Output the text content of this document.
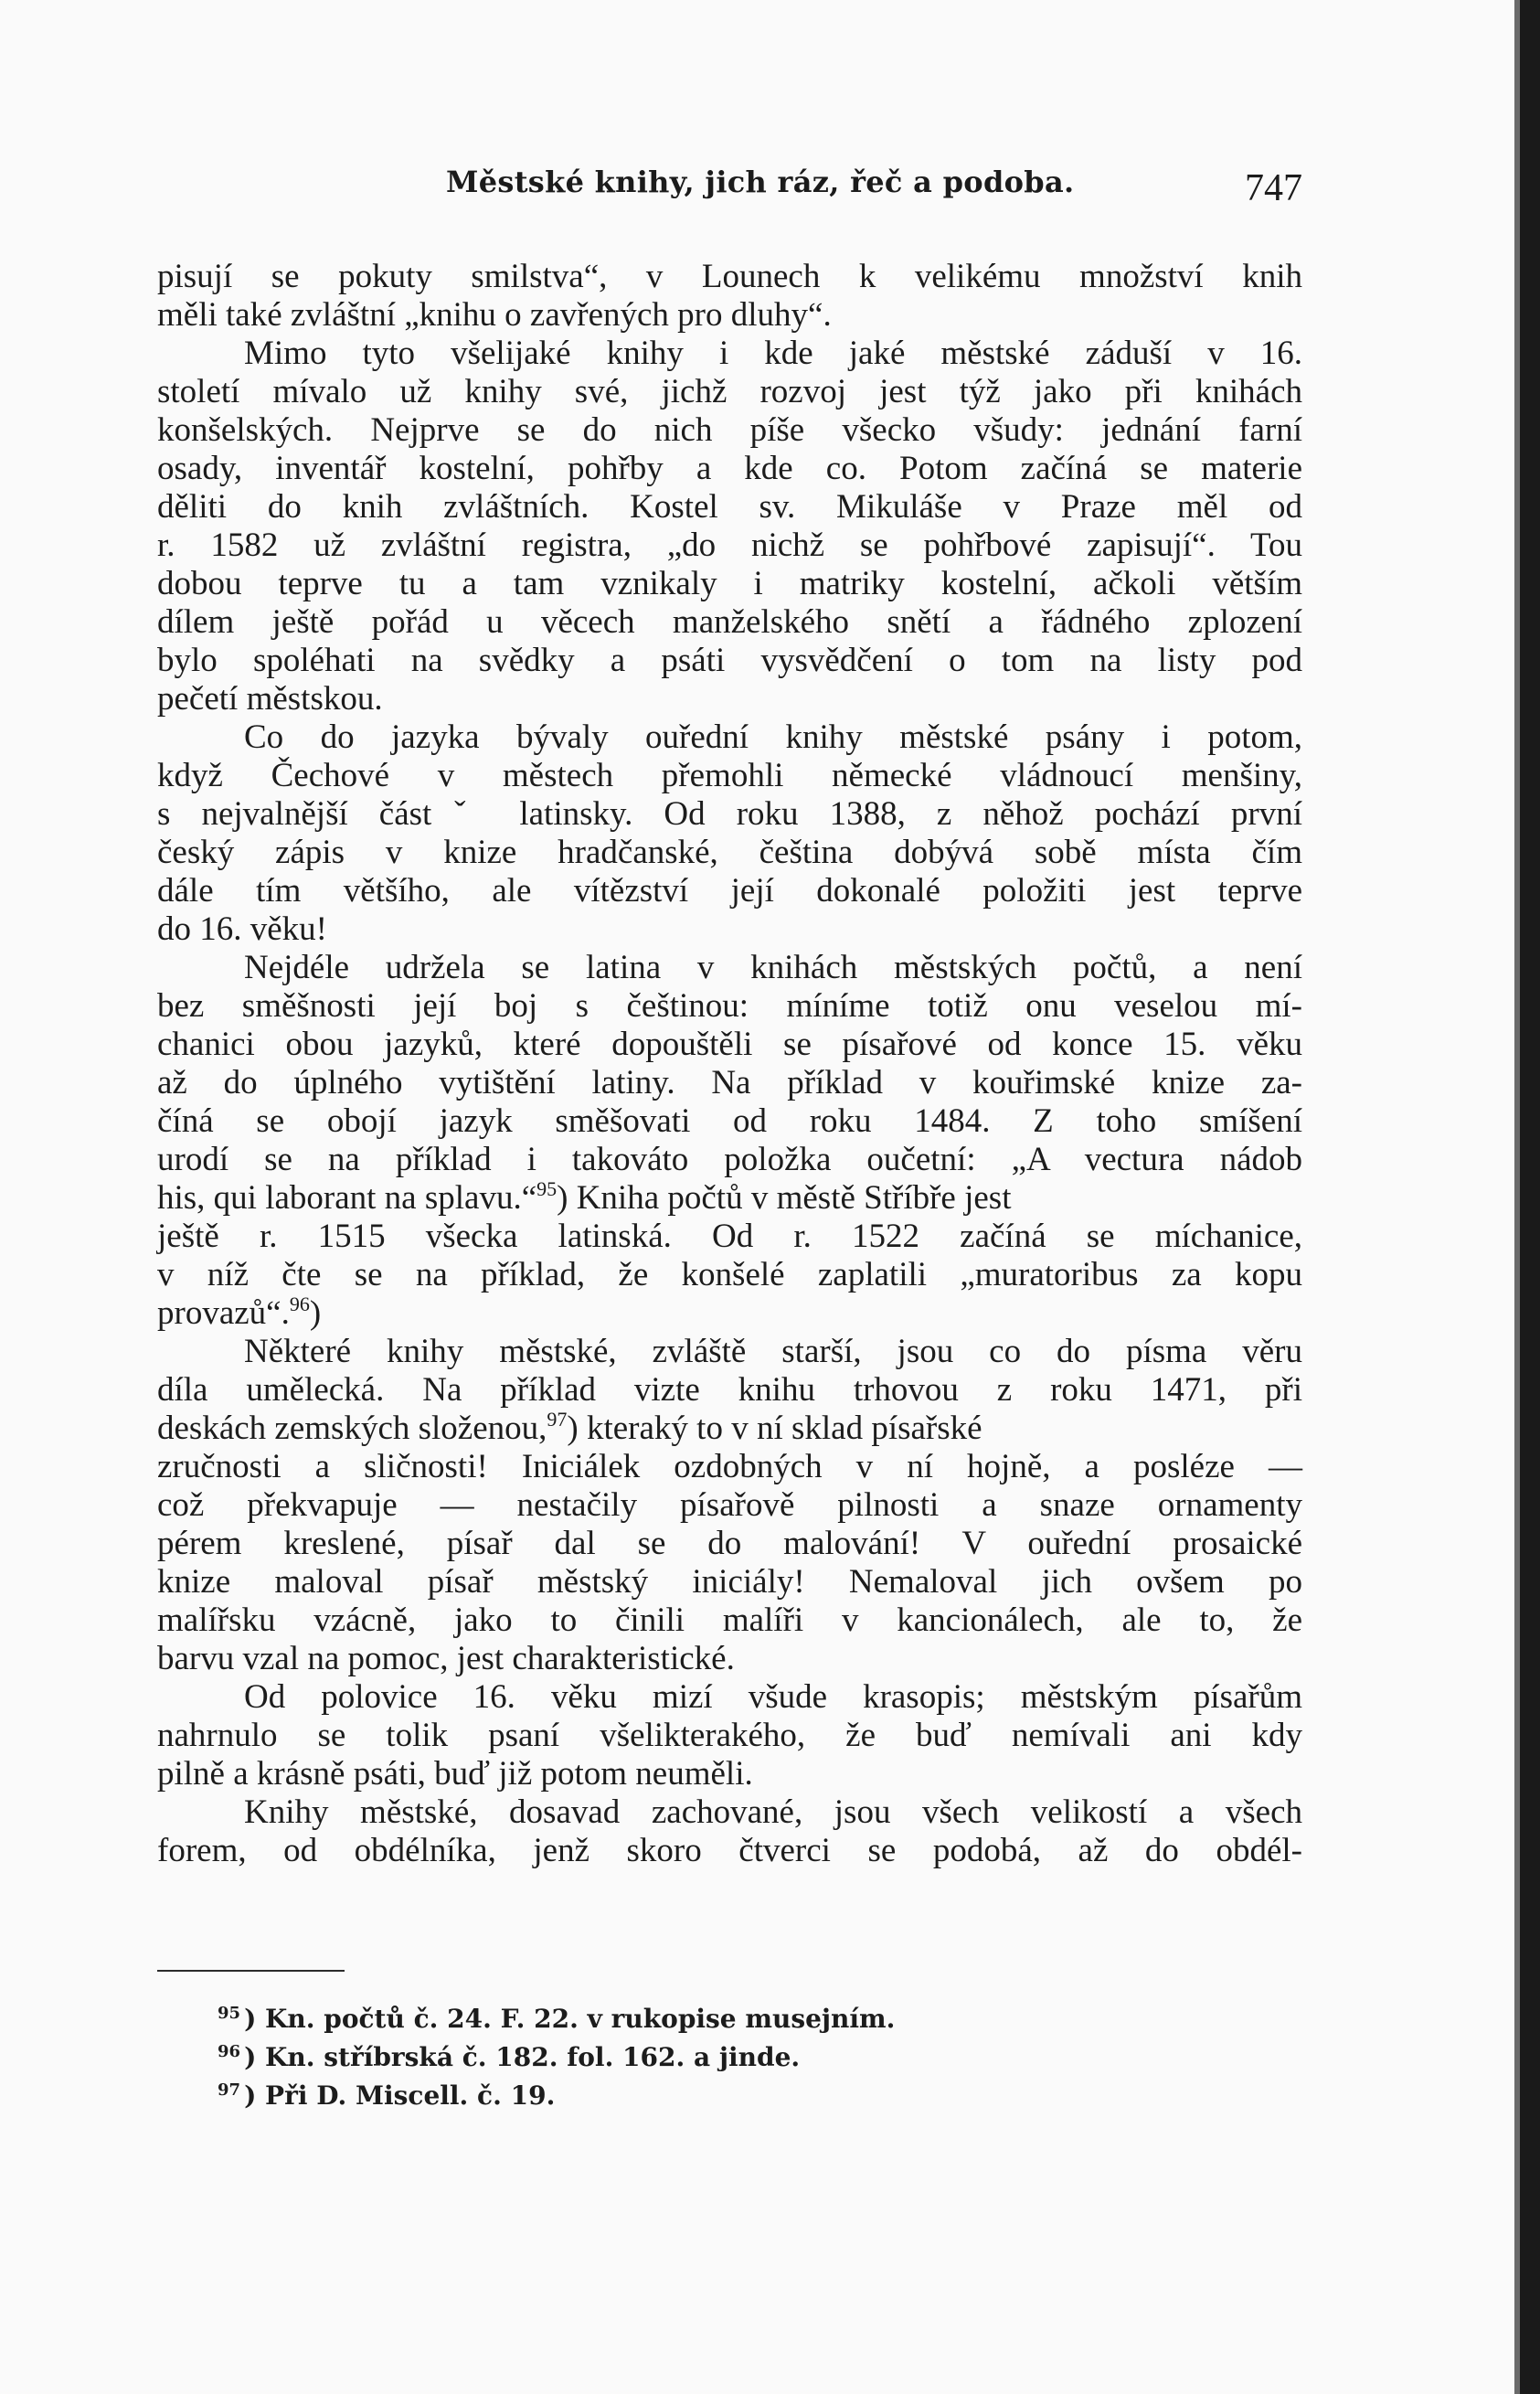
Městské knihy, jich ráz, řeč a podoba.	747
pisují se pokuty smilstva“, v Lounech k velikému množství knih
měli také zvláštní „knihu o zavřených pro dluhy“.
Mimo tyto všelijaké knihy i kde jaké městské záduší v 16.
století mívalo už knihy své, jichž rozvoj jest týž jako při knihách
konšelských. Nejprve se do nich píše všecko všudy: jednání farní
osady, inventář kostelní, pohřby a kde co. Potom začíná se materie
děliti do knih zvláštních. Kostel sv. Mikuláše v Praze měl od
r. 1582 už zvláštní registra, „do nichž se pohřbové zapisují“. Tou
dobou teprve tu a tam vznikaly i matriky kostelní, ačkoli větším
dílem ještě pořád u věcech manželského snětí a řádného zplození
bylo spoléhati na svědky a psáti vysvědčení o tom na listy pod
pečetí městskou.
Co do jazyka bývaly ouřední knihy městské psány i potom,
když Čechové v městech přemohli německé vládnoucí menšiny,
s nejvalnější částˇ latinsky. Od roku 1388, z něhož pochází první
český zápis v knize hradčanské, čeština dobývá sobě místa čím
dále tím většího, ale vítězství její dokonalé položiti jest teprve
do 16. věku!
Nejdéle udržela se latina v knihách městských počtů, a není
bez směšnosti její boj s češtinou: míníme totiž onu veselou mí-
chanici obou jazyků, které dopouštěli se písařové od konce 15. věku
až do úplného vytištění latiny. Na příklad v kouřimské knize za-
číná se obojí jazyk směšovati od roku 1484. Z toho smíšení
urodí se na příklad i takováto položka oučetní: „A vectura nádob
his, qui laborant na splavu.“$^{95}$) Kniha počtů v městě Stříbře jest
ještě r. 1515 všecka latinská. Od r. 1522 začíná se míchanice,
v níž čte se na příklad, že konšelé zaplatili „muratoribus za kopu
provazů“.$^{96}$)
Některé knihy městské, zvláště starší, jsou co do písma věru
díla umělecká. Na příklad vizte knihu trhovou z roku 1471, při
deskách zemských složenou,$^{97}$) kteraký to v ní sklad písařské
zručnosti a sličnosti! Iniciálek ozdobných v ní hojně, a posléze —
což překvapuje — nestačily písařově pilnosti a snaze ornamenty
pérem kreslené, písař dal se do malování! V ouřední prosaické
knize maloval písař městský iniciály! Nemaloval jich ovšem po
malířsku vzácně, jako to činili malíři v kancionálech, ale to, že
barvu vzal na pomoc, jest charakteristické.
Od polovice 16. věku mizí všude krasopis; městským písařům
nahrnulo se tolik psaní všelikterakého, že buď nemívali ani kdy
pilně a krásně psáti, buď již potom neuměli.
Knihy městské, dosavad zachované, jsou všech velikostí a všech
forem, od obdélníka, jenž skoro čtverci se podobá, až do obdél-
$^{95}$ ) Kn. počtů č. 24. F. 22. v rukopise musejním.
$^{96}$ ) Kn. stříbrská č. 182. fol. 162. a jinde.
$^{97}$ ) Při D. Miscell. č. 19.
